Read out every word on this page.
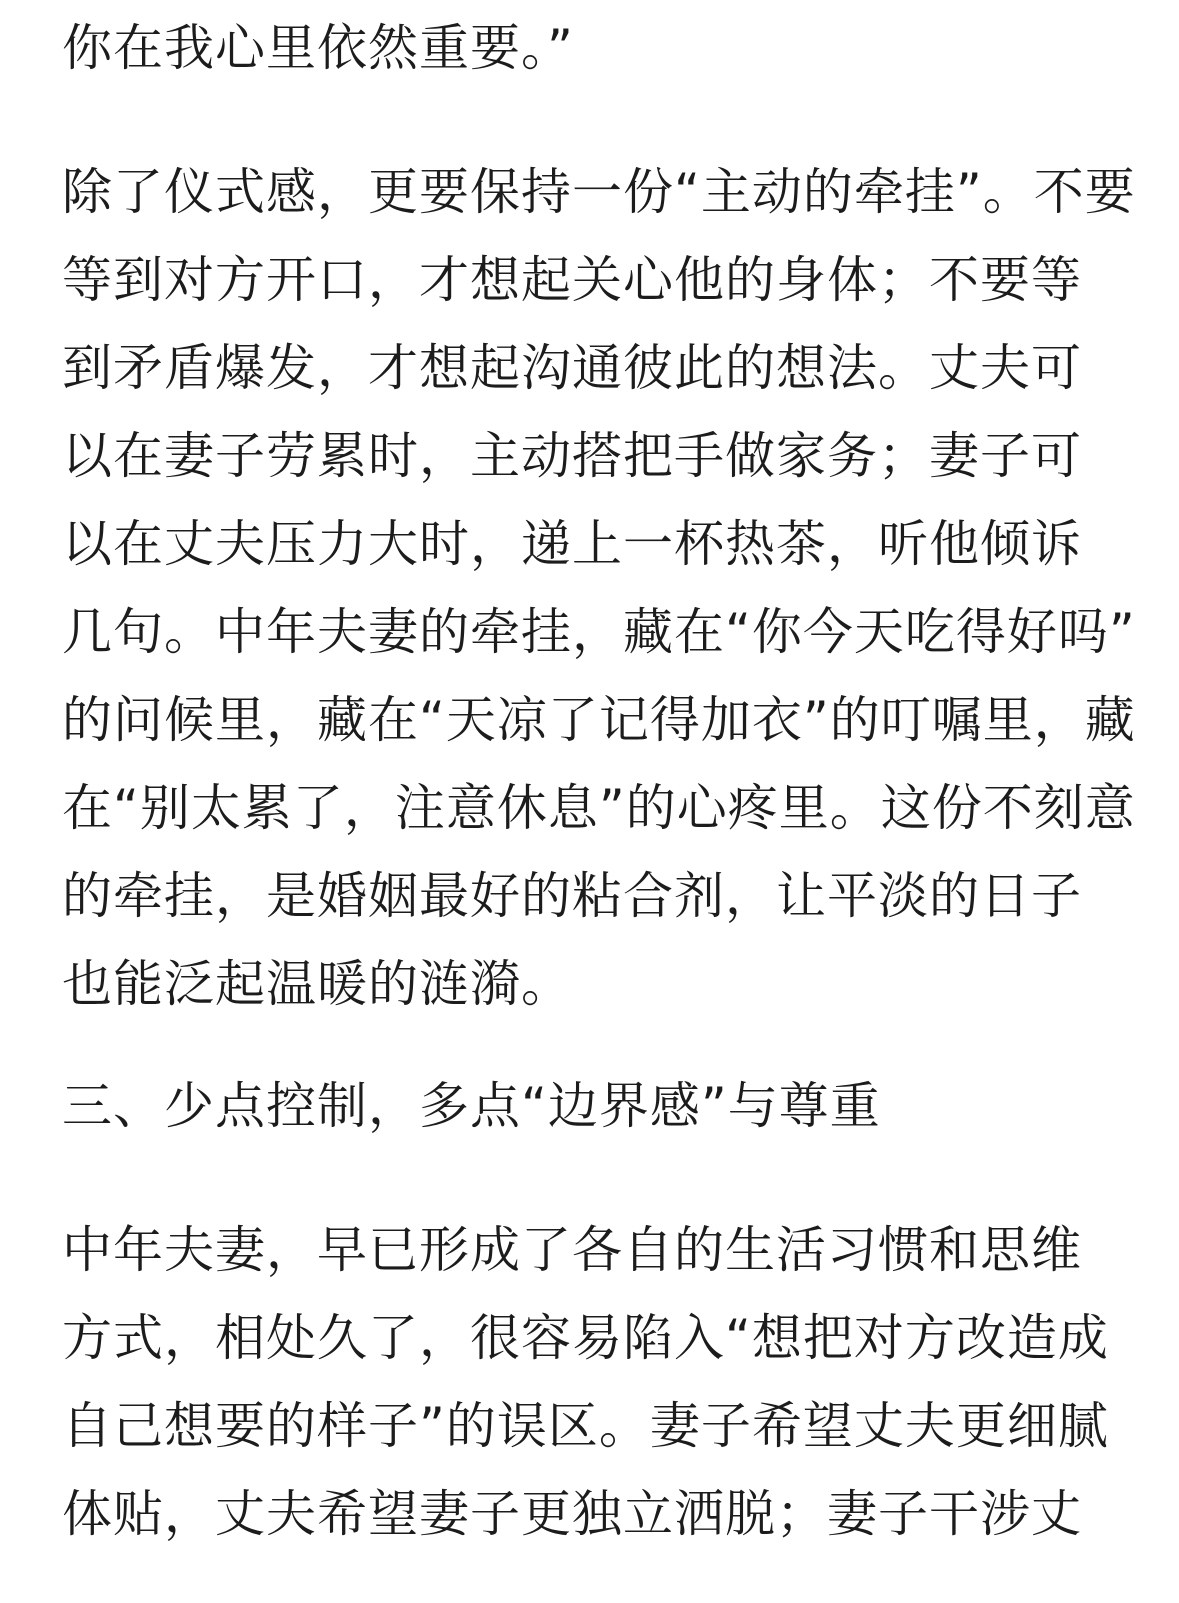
你在我心里依然重要。”
除了仪式感，更要保持一份“主动的牵挂”。不要
等到对方开口，才想起关心他的身体；不要等
到矛盾爆发，才想起沟通彼此的想法。丈夫可
以在妻子劳累时，主动搭把手做家务；妻子可
以在丈夫压力大时，递上一杯热茶，听他倾诉
几句。中年夫妻的牵挂，藏在“你今天吃得好吗”
的问候里，藏在“天凉了记得加衣”的叮嘱里，藏
在“别太累了，注意休息”的心疼里。这份不刻意
的牵挂，是婚姻最好的粘合剂，让平淡的日子
也能泛起温暖的涟漪。
三、少点控制，多点“边界感”与尊重
中年夫妻，早已形成了各自的生活习惯和思维
方式，相处久了，很容易陷入“想把对方改造成
自己想要的样子”的误区。妻子希望丈夫更细腻
体贴，丈夫希望妻子更独立洒脱；妻子干涉丈
